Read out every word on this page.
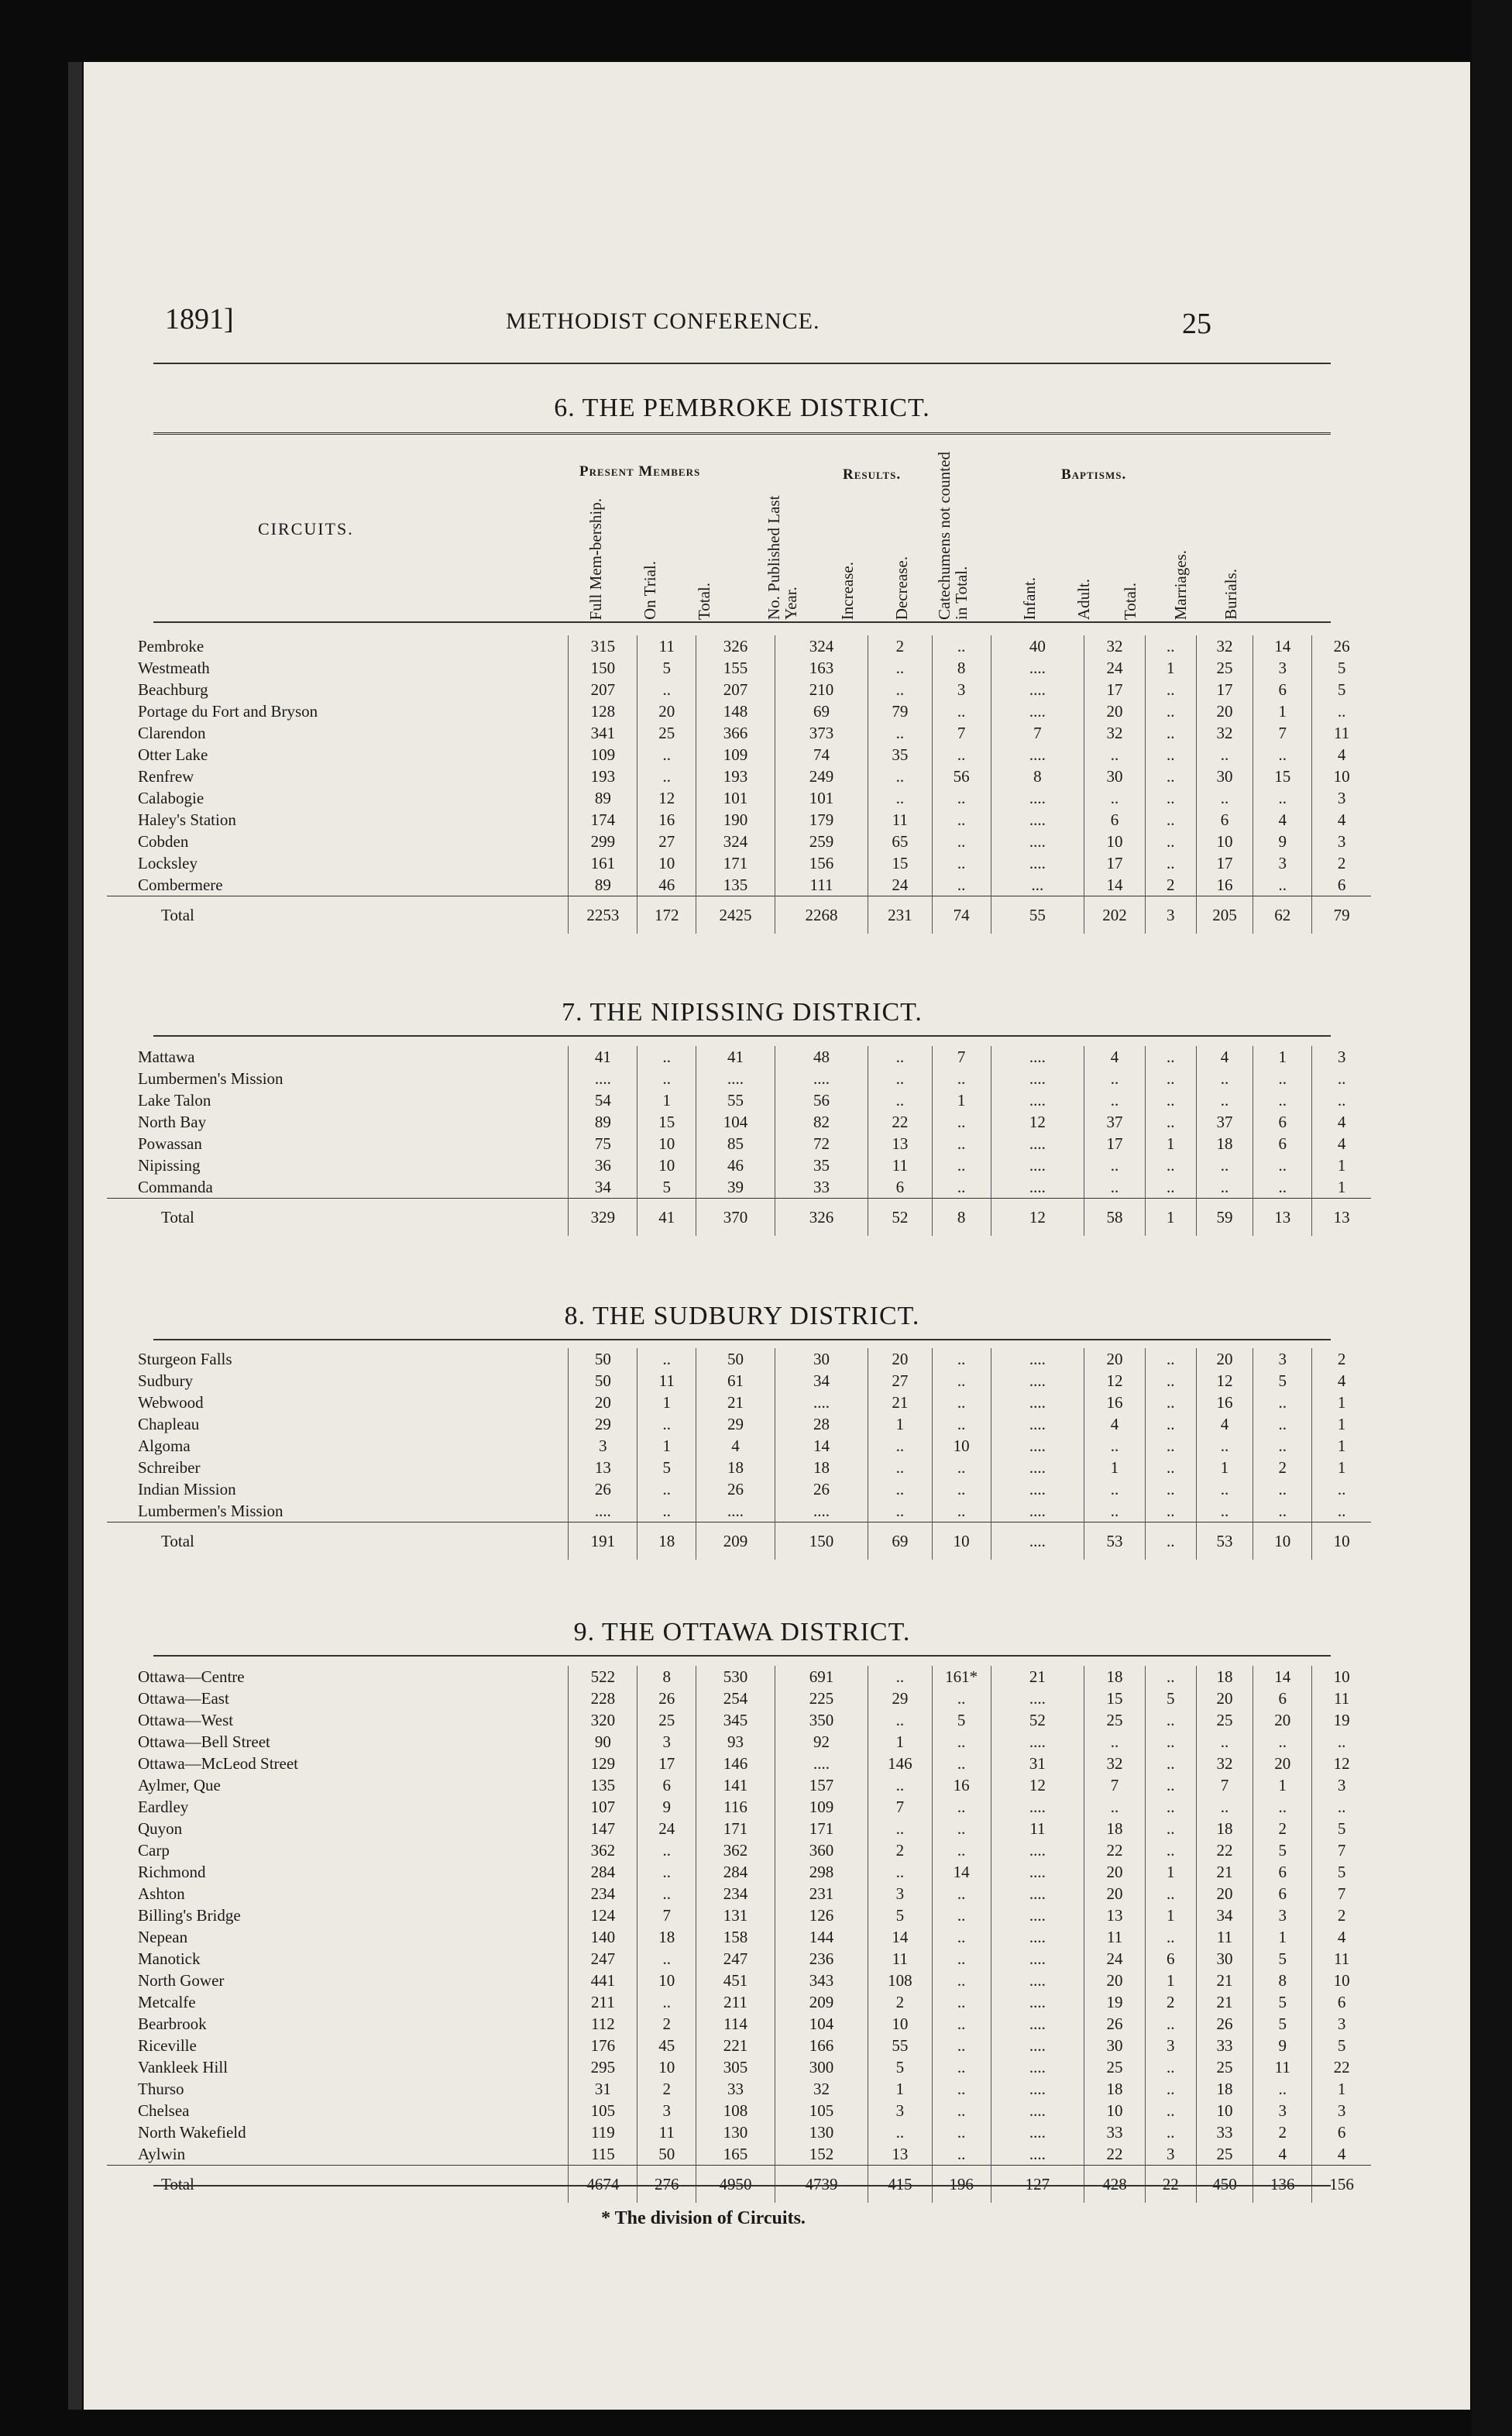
1891]	METHODIST CONFERENCE.	25
6. THE PEMBROKE DISTRICT.
CIRCUITS.
Present Members	Results.	Baptisms.
Full Mem-bership. On Trial. Total.	No. Published Last Year. Increase. Decrease. Catechumens not counted in Total.	Infant. Adult. Total. Marriages. Burials.
Pembroke	315	11	326	324	2	..	40	32	..	32	14	26
Westmeath	150	5	155	163	..	8	....	24	1	25	3	5
Beachburg	207	..	207	210	..	3	....	17	..	17	6	5
Portage du Fort and Bryson	128	20	148	69	79	..	....	20	..	20	1	..
Clarendon	341	25	366	373	..	7	7	32	..	32	7	11
Otter Lake	109	..	109	74	35	..	....	..	..	..	..	4
Renfrew	193	..	193	249	..	56	8	30	..	30	15	10
Calabogie	89	12	101	101	..	..	....	..	..	..	..	3
Haley's Station	174	16	190	179	11	..	....	6	..	6	4	4
Cobden	299	27	324	259	65	..	....	10	..	10	9	3
Locksley	161	10	171	156	15	..	....	17	..	17	3	2
Combermere	89	46	135	111	24	..	...	14	2	16	..	6
Total	2253	172	2425	2268	231	74	55	202	3	205	62	79
7. THE NIPISSING DISTRICT.
Mattawa	41	..	41	48	..	7	....	4	..	4	1	3
Lumbermen's Mission	....	..	....	....	..	..	....	..	..	..	..	..
Lake Talon	54	1	55	56	..	1	....	..	..	..	..	..
North Bay	89	15	104	82	22	..	12	37	..	37	6	4
Powassan	75	10	85	72	13	..	....	17	1	18	6	4
Nipissing	36	10	46	35	11	..	....	..	..	..	..	1
Commanda	34	5	39	33	6	..	....	..	..	..	..	1
Total	329	41	370	326	52	8	12	58	1	59	13	13
8. THE SUDBURY DISTRICT.
Sturgeon Falls	50	..	50	30	20	..	....	20	..	20	3	2
Sudbury	50	11	61	34	27	..	....	12	..	12	5	4
Webwood	20	1	21	....	21	..	....	16	..	16	..	1
Chapleau	29	..	29	28	1	..	....	4	..	4	..	1
Algoma	3	1	4	14	..	10	....	..	..	..	..	1
Schreiber	13	5	18	18	..	..	....	1	..	1	2	1
Indian Mission	26	..	26	26	..	..	....	..	..	..	..	..
Lumbermen's Mission	....	..	....	....	..	..	....	..	..	..	..	..
Total	191	18	209	150	69	10	....	53	..	53	10	10
9. THE OTTAWA DISTRICT.
Ottawa—Centre	522	8	530	691	..	161*	21	18	..	18	14	10
Ottawa—East	228	26	254	225	29	..	....	15	5	20	6	11
Ottawa—West	320	25	345	350	..	5	52	25	..	25	20	19
Ottawa—Bell Street	90	3	93	92	1	..	....	..	..	..	..	..
Ottawa—McLeod Street	129	17	146	....	146	..	31	32	..	32	20	12
Aylmer, Que	135	6	141	157	..	16	12	7	..	7	1	3
Eardley	107	9	116	109	7	..	....	..	..	..	..	..
Quyon	147	24	171	171	..	..	11	18	..	18	2	5
Carp	362	..	362	360	2	..	....	22	..	22	5	7
Richmond	284	..	284	298	..	14	....	20	1	21	6	5
Ashton	234	..	234	231	3	..	....	20	..	20	6	7
Billing's Bridge	124	7	131	126	5	..	....	13	1	34	3	2
Nepean	140	18	158	144	14	..	....	11	..	11	1	4
Manotick	247	..	247	236	11	..	....	24	6	30	5	11
North Gower	441	10	451	343	108	..	....	20	1	21	8	10
Metcalfe	211	..	211	209	2	..	....	19	2	21	5	6
Bearbrook	112	2	114	104	10	..	....	26	..	26	5	3
Riceville	176	45	221	166	55	..	....	30	3	33	9	5
Vankleek Hill	295	10	305	300	5	..	....	25	..	25	11	22
Thurso	31	2	33	32	1	..	....	18	..	18	..	1
Chelsea	105	3	108	105	3	..	....	10	..	10	3	3
North Wakefield	119	11	130	130	..	..	....	33	..	33	2	6
Aylwin	115	50	165	152	13	..	....	22	3	25	4	4
Total	4674	276	4950	4739	415	196	127	428	22	450	136	156
* The division of Circuits.
